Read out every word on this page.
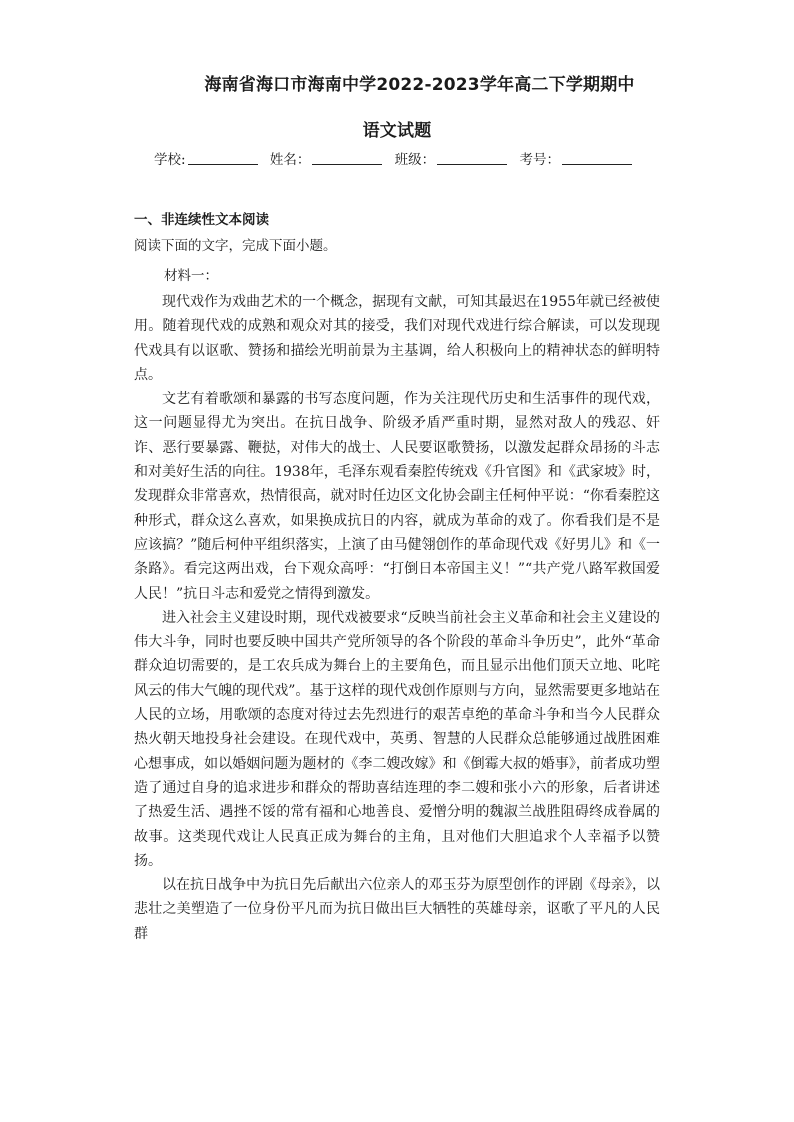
海南省海口市海南中学2022-2023学年高二下学期期中
语文试题
学校:	姓名：	班级：	考号：
一、非连续性文本阅读
阅读下面的文字，完成下面小题。
材料一：

现代戏作为戏曲艺术的一个概念，据现有文献，可知其最迟在1955年就已经被使用。随着现代戏的成熟和观众对其的接受，我们对现代戏进行综合解读，可以发现现代戏具有以讴歌、赞扬和描绘光明前景为主基调，给人积极向上的精神状态的鲜明特点。

文艺有着歌颂和暴露的书写态度问题，作为关注现代历史和生活事件的现代戏，这一问题显得尤为突出。在抗日战争、阶级矛盾严重时期，显然对敌人的残忍、奸诈、恶行要暴露、鞭挞，对伟大的战士、人民要讴歌赞扬，以激发起群众昂扬的斗志和对美好生活的向往。1938年，毛泽东观看秦腔传统戏《升官图》和《武家坡》时，发现群众非常喜欢，热情很高，就对时任边区文化协会副主任柯仲平说：“你看秦腔这种形式，群众这么喜欢，如果换成抗日的内容，就成为革命的戏了。你看我们是不是应该搞？”随后柯仲平组织落实，上演了由马健翎创作的革命现代戏《好男儿》和《一条路》。看完这两出戏，台下观众高呼：“打倒日本帝国主义！”“共产党八路军救国爱人民！”抗日斗志和爱党之情得到激发。

进入社会主义建设时期，现代戏被要求“反映当前社会主义革命和社会主义建设的伟大斗争，同时也要反映中国共产党所领导的各个阶段的革命斗争历史”，此外“革命群众迫切需要的，是工农兵成为舞台上的主要角色，而且显示出他们顶天立地、叱咤风云的伟大气魄的现代戏”。基于这样的现代戏创作原则与方向，显然需要更多地站在人民的立场，用歌颂的态度对待过去先烈进行的艰苦卓绝的革命斗争和当今人民群众热火朝天地投身社会建设。在现代戏中，英勇、智慧的人民群众总能够通过战胜困难心想事成，如以婚姻问题为题材的《李二嫂改嫁》和《倒霉大叔的婚事》，前者成功塑造了通过自身的追求进步和群众的帮助喜结连理的李二嫂和张小六的形象，后者讲述了热爱生活、遇挫不馁的常有福和心地善良、爱憎分明的魏淑兰战胜阻碍终成眷属的故事。这类现代戏让人民真正成为舞台的主角，且对他们大胆追求个人幸福予以赞扬。

以在抗日战争中为抗日先后献出六位亲人的邓玉芬为原型创作的评剧《母亲》，以悲壮之美塑造了一位身份平凡而为抗日做出巨大牺牲的英雄母亲，讴歌了平凡的人民群
